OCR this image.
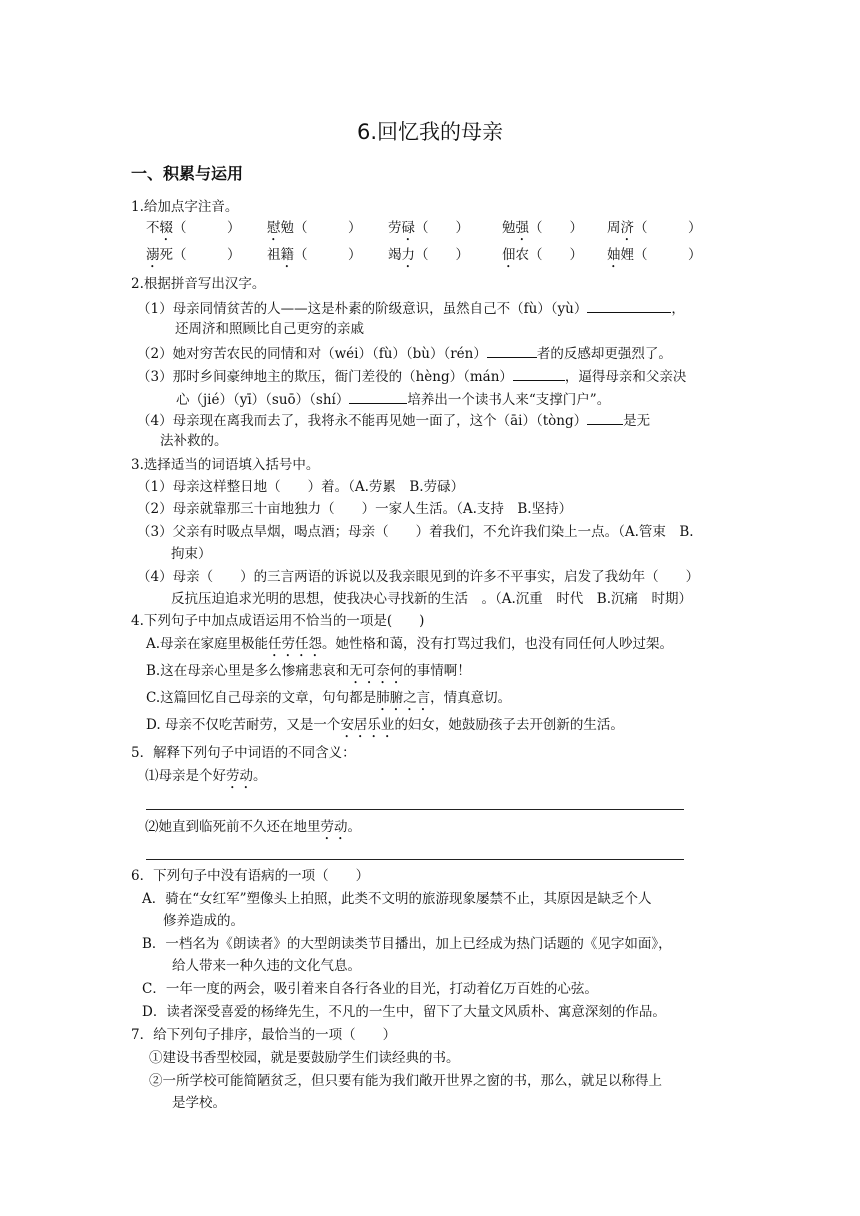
6.回忆我的母亲
一、积累与运用
1.给加点字注音。
不辍（　　　） 慰勉（　　　） 劳碌（　　） 勉强（　　） 周济（　　　）
溺死（　　　） 祖籍（　　　） 竭力（　　） 佃农（　　） 妯娌（　　　）
2.根据拼音写出汉字。
（1）母亲同情贫苦的人——这是朴素的阶级意识，虽然自己不（fù）（yù）	，
还周济和照顾比自己更穷的亲戚
（2）她对穷苦农民的同情和对（wéi）（fù）（bù）（rén）	者的反感却更强烈了。
（3）那时乡间豪绅地主的欺压，衙门差役的（hèng）（mán）	，逼得母亲和父亲决
心（jié）（yī）（suō）（shí）	培养出一个读书人来“支撑门户”。
（4）母亲现在离我而去了，我将永不能再见她一面了，这个（āi）（tòng）	是无
法补救的。
3.选择适当的词语填入括号中。
（1）母亲这样整日地（　　）着。（A.劳累　B.劳碌）
（2）母亲就靠那三十亩地独力（　　）一家人生活。（A.支持　B.坚持）
（3）父亲有时吸点旱烟，喝点酒；母亲（　　）着我们，不允许我们染上一点。（A.管束　B.
拘束）
（4）母亲（　　）的三言两语的诉说以及我亲眼见到的许多不平事实，启发了我幼年（　　）
反抗压迫追求光明的思想，使我决心寻找新的生活　。（A.沉重　时代　B.沉痛　时期）
4.下列句子中加点成语运用不恰当的一项是(　　)
A.母亲在家庭里极能任劳任怨。她性格和蔼，没有打骂过我们，也没有同任何人吵过架。
B.这在母亲心里是多么惨痛悲哀和无可奈何的事情啊！
C.这篇回忆自己母亲的文章，句句都是肺腑之言，情真意切。
D. 母亲不仅吃苦耐劳，又是一个安居乐业的妇女，她鼓励孩子去开创新的生活。
5．解释下列句子中词语的不同含义：
⑴母亲是个好劳动。
⑵她直到临死前不久还在地里劳动。
6．下列句子中没有语病的一项（　　）
A．骑在“女红军”塑像头上拍照，此类不文明的旅游现象屡禁不止，其原因是缺乏个人
修养造成的。
B．一档名为《朗读者》的大型朗读类节目播出，加上已经成为热门话题的《见字如面》，
给人带来一种久违的文化气息。
C．一年一度的两会，吸引着来自各行各业的目光，打动着亿万百姓的心弦。
D．读者深受喜爱的杨绛先生，不凡的一生中，留下了大量文风质朴、寓意深刻的作品。
7．给下列句子排序，最恰当的一项（　　）
①建设书香型校园，就是要鼓励学生们读经典的书。
②一所学校可能简陋贫乏，但只要有能为我们敞开世界之窗的书，那么，就足以称得上
是学校。
